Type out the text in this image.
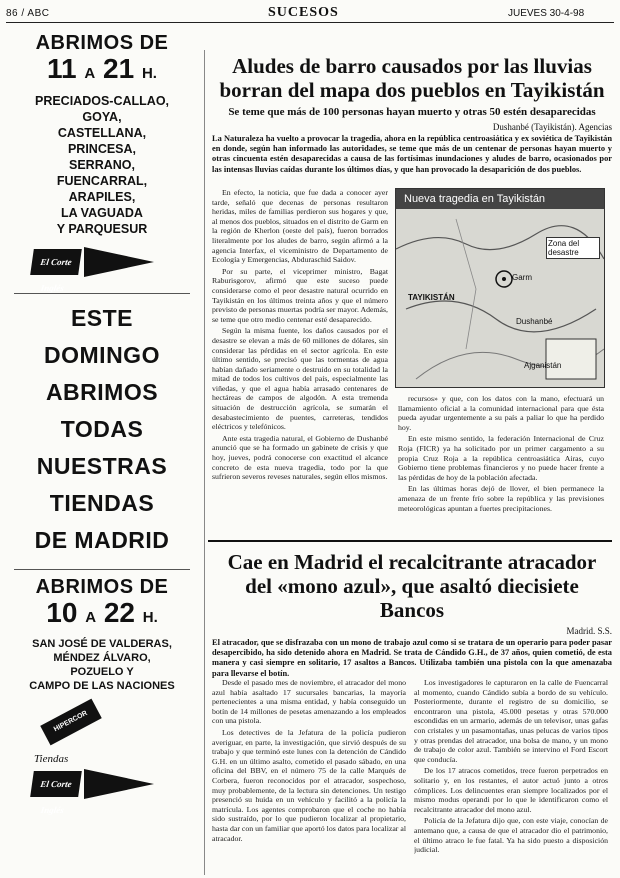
86 / ABC	SUCESOS	JUEVES 30-4-98
ABRIMOS DE
11 A 21 H.
PRECIADOS-CALLAO,
GOYA,
CASTELLANA,
PRINCESA,
SERRANO,
FUENCARRAL,
ARAPILES,
LA VAGUADA
Y PARQUESUR
El Corte Inglés
ESTE
DOMINGO
ABRIMOS
TODAS
NUESTRAS
TIENDAS
DE MADRID
ABRIMOS DE
10 A 22 H.
SAN JOSÉ DE VALDERAS,
MÉNDEZ ÁLVARO,
POZUELO Y
CAMPO DE LAS NACIONES
HIPERCOR
Tiendas
El Corte Inglés
Aludes de barro causados por las lluvias borran del mapa dos pueblos en Tayikistán
Se teme que más de 100 personas hayan muerto y otras 50 estén desaparecidas
Dushanbé (Tayikistán). Agencias
La Naturaleza ha vuelto a provocar la tragedia, ahora en la república centroasiática y ex soviética de Tayikistán en donde, según han informado las autoridades, se teme que más de un centenar de personas hayan muerto y otras cincuenta estén desaparecidas a causa de las fortísimas inundaciones y aludes de barro, ocasionados por las intensas lluvias caídas durante los últimos días, y que han provocado la desaparición de dos pueblos.

En efecto, la noticia, que fue dada a conocer ayer tarde, señaló que decenas de personas resultaron heridas, miles de familias perdieron sus hogares y que, al menos dos pueblos, situados en el distrito de Garm en la región de Kherlon (oeste del país), fueron borrados literalmente por los aludes de barro, según afirmó a la agencia Interfax, el viceministro de Departamento de Ecología y Emergencias, Abduraschid Saidov.

Por su parte, el viceprimer ministro, Bagat Raburisgorov, afirmó que este suceso puede considerarse como el peor desastre natural ocurrido en Tayikistán en los últimos treinta años y que el número previsto de personas muertas podría ser mayor. Además, se teme que otro medio centenar esté desaparecido.

Según la misma fuente, los daños causados por el desastre se elevan a más de 60 millones de dólares, sin considerar las pérdidas en el sector agrícola. En este último sentido, se precisó que las tormentas de agua habían dañado seriamente o destruido en su totalidad la mitad de todos los cultivos del país, especialmente las viñedas, y que el agua había arrasado centenares de hectáreas de campos de algodón. A esta tremenda situación de destrucción agrícola, se sumarán el desabastecimiento de puentes, carreteras, tendidos eléctricos y telefónicos.

Ante esta tragedia natural, el Gobierno de Dushanbé anunció que se ha formado un gabinete de crisis y que hoy, jueves, podrá conocerse con exactitud el alcance concreto de esta nueva tragedia, todo por la que sufrieron severos reveses naturales, según ellos mismos.

Nueva tragedia en Tayikistán
Zona del desastre
Garm
Dushanbé
Ajganistán
TAYIKISTÁN

recursos» y que, con los datos con la mano, efectuará un llamamiento oficial a la comunidad internacional para que ésta pueda ayudar urgentemente a su país a paliar lo que ha perdido hoy.

En este mismo sentido, la federación Internacional de Cruz Roja (FICR) ya ha solicitado por un primer cargamento a su propia Cruz Roja a la república centroasiática Airas, cuyo Gobierno tiene problemas financieros y no puede hacer frente a las pérdidas de hoy de la población afectada.

En las últimas horas dejó de llover, el bien permanece la amenaza de un frente frío sobre la república y las previsiones meteorológicas apuntan a fuertes precipitaciones.

Cae en Madrid el recalcitrante atracador del «mono azul», que asaltó diecisiete Bancos
Madrid. S.S.
El atracador, que se disfrazaba con un mono de trabajo azul como si se tratara de un operario para poder pasar desapercibido, ha sido detenido ahora en Madrid. Se trata de Cándido G.H., de 37 años, quien cometió, de esta manera y casi siempre en solitario, 17 asaltos a Bancos. Utilizaba también una pistola con la que amenazaba para llevarse el botín.

Desde el pasado mes de noviembre, el atracador del mono azul había asaltado 17 sucursales bancarias, la mayoría pertenecientes a una misma entidad, y había conseguido un botín de 14 millones de pesetas amenazando a los empleados con una pistola.

Los detectives de la Jefatura de la policía pudieron averiguar, en parte, la investigación, que sirvió después de su trabajo y que terminó este lunes con la detención de Cándido G.H. en un último asalto, cometido el pasado sábado, en una oficina del BBV, en el número 75 de la calle Marqués de Corbera, fueron reconocidos por el atracador, sospechoso, muy probablemente, de la lectura sin detenciones. Un testigo presenció su huida en un vehículo y facilitó a la policía la matrícula. Los agentes comprobaron que el coche no había sido sustraído, por lo que pudieron localizar al propietario, hasta dar con un familiar que aportó los datos para localizar al atracador.

Los investigadores le capturaron en la calle de Fuencarral al momento, cuando Cándido subía a bordo de su vehículo. Posteriormente, durante el registro de su domicilio, se encontraron una pistola, 45.000 pesetas y otras 570.000 escondidas en un armario, además de un televisor, unas gafas con cristales y un pasamontañas, unas pelucas de varios tipos y otras prendas del atracador, una bolsa de mano, y un mono de trabajo de color azul. También se intervino el Ford Escort que conducía.

De los 17 atracos cometidos, trece fueron perpetrados en solitario y, en los restantes, el autor actuó junto a otros cómplices. Los delincuentes eran siempre localizados por el mismo modus operandi por lo que le identificaron como el recalcitrante atracador del mono azul.

Policía de la Jefatura dijo que, con este viaje, conocían de antemano que, a causa de que el atracador dio el patrimonio, el último atraco le fue fatal. Ya ha sido puesto a disposición judicial.
